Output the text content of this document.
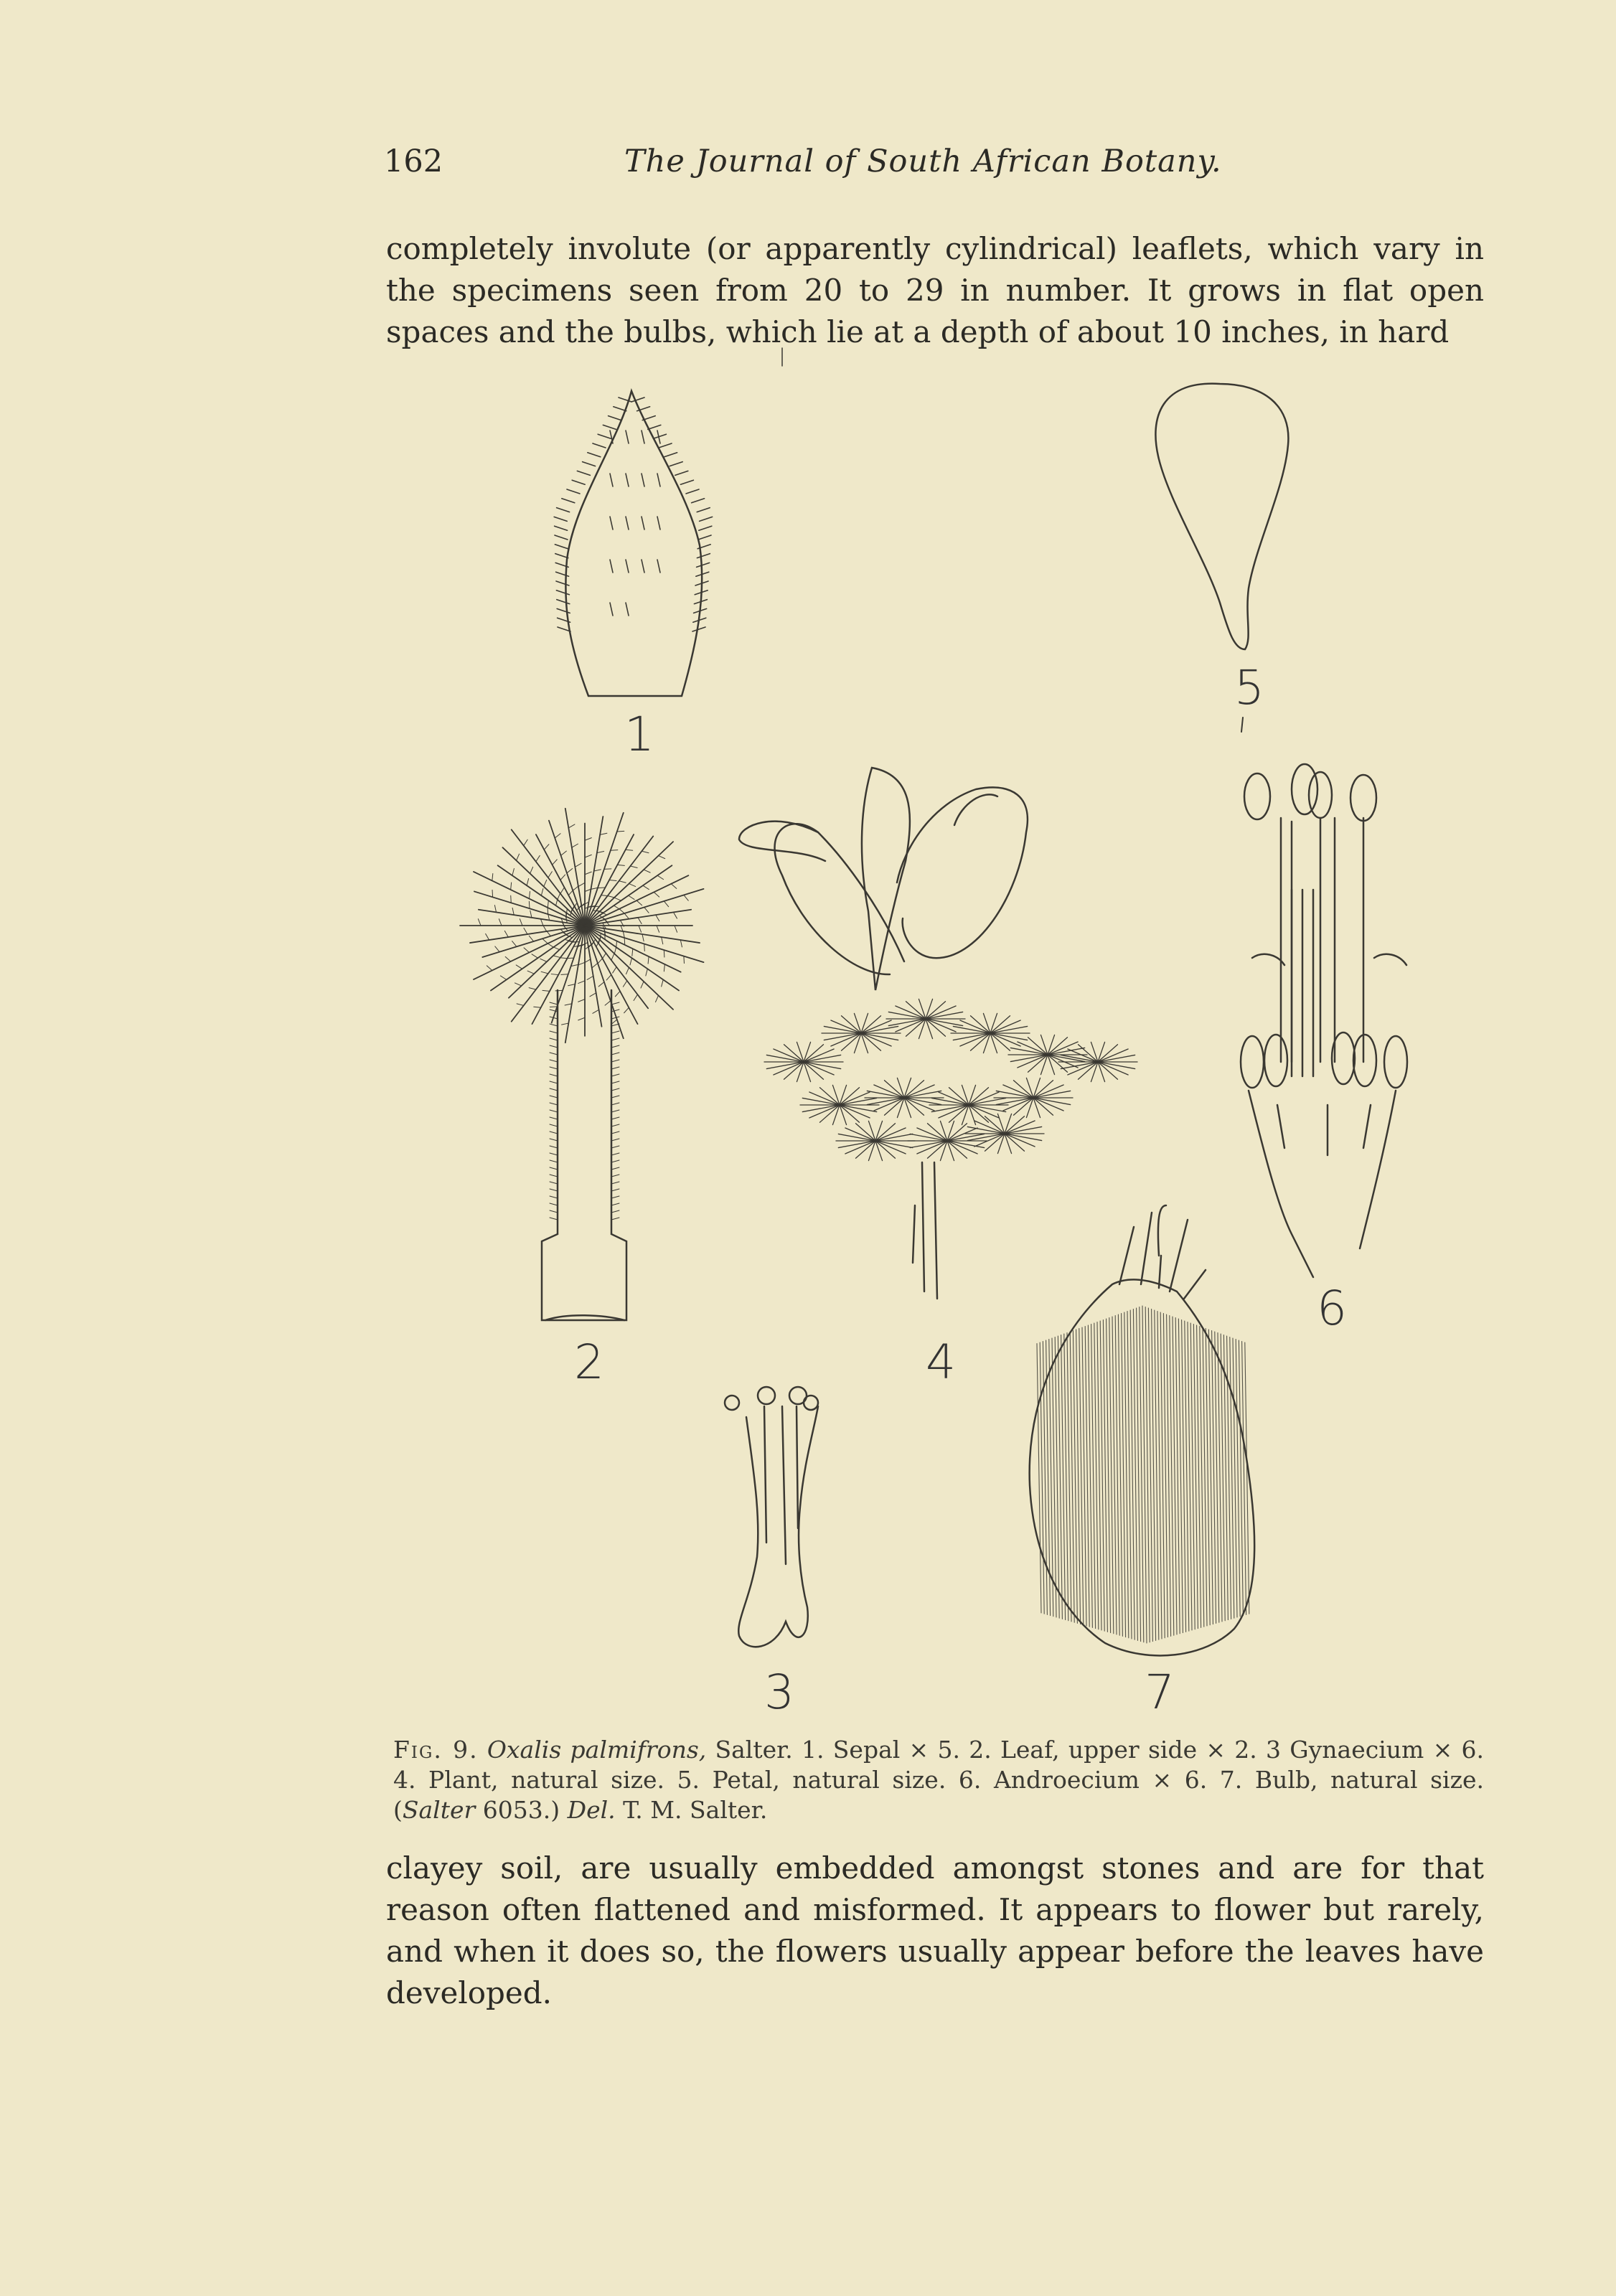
162	The Journal of South African Botany.

completely involute (or apparently cylindrical) leaflets, which vary in the specimens seen from 20 to 29 in number. It grows in flat open spaces and the bulbs, which lie at a depth of about 10 inches, in hard

1
2
3
4
5
6
7

Fig. 9. Oxalis palmifrons, Salter. 1. Sepal × 5. 2. Leaf, upper side × 2. 3 Gynaecium × 6. 4. Plant, natural size. 5. Petal, natural size. 6. Androecium × 6. 7. Bulb, natural size. (Salter 6053.) Del. T. M. Salter.

clayey soil, are usually embedded amongst stones and are for that reason often flattened and misformed. It appears to flower but rarely, and when it does so, the flowers usually appear before the leaves have developed.
